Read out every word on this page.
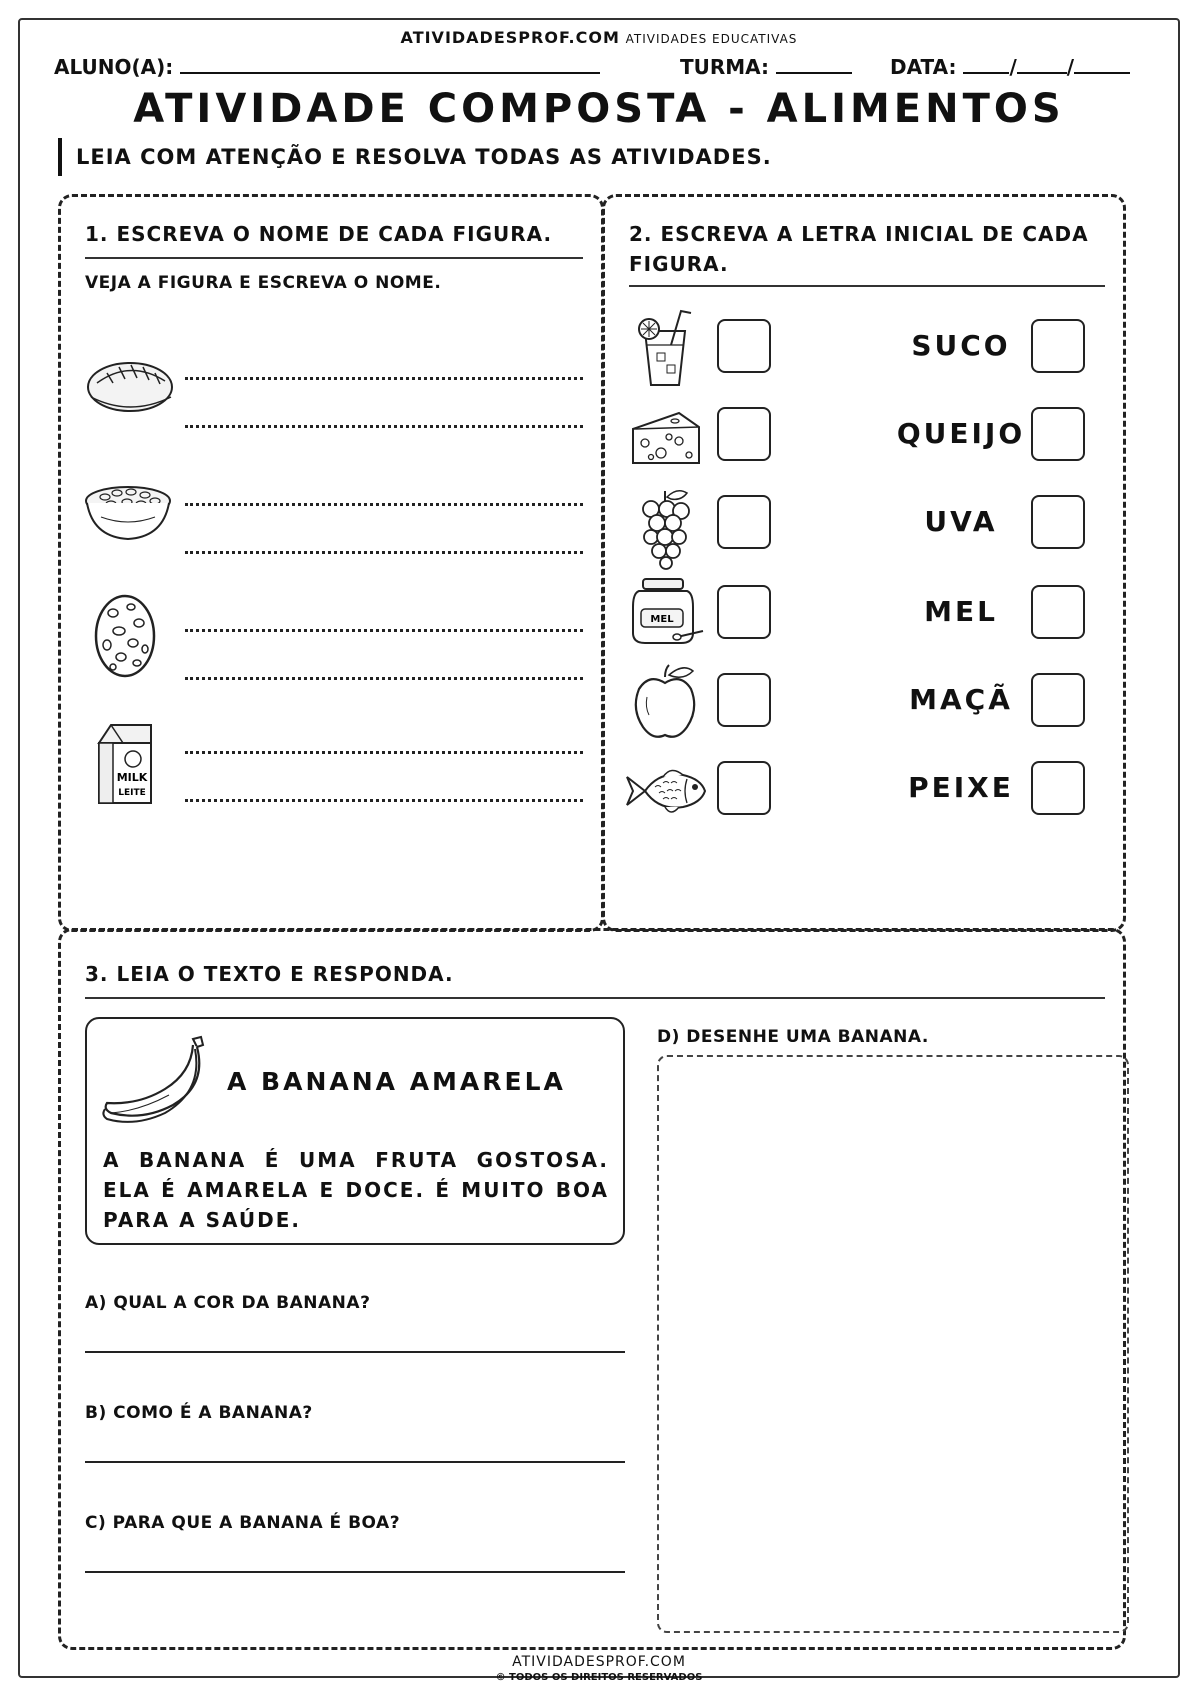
ATIVIDADESPROF.COM ATIVIDADES EDUCATIVAS
ALUNO(A):	TURMA:	DATA:	/	/
ATIVIDADE COMPOSTA - ALIMENTOS
LEIA COM ATENÇÃO E RESOLVA TODAS AS ATIVIDADES.
1. ESCREVA O NOME DE CADA FIGURA.
VEJA A FIGURA E ESCREVA O NOME.
MILK
LEITE
2. ESCREVA A LETRA INICIAL DE CADA
FIGURA.
SUCO
QUEIJO
UVA
MEL	MEL
MAÇÃ
PEIXE
3. LEIA O TEXTO E RESPONDA.
A BANANA AMARELA
A BANANA É UMA FRUTA GOSTOSA. ELA É AMARELA E DOCE. É MUITO BOA PARA A SAÚDE.
A) QUAL A COR DA BANANA?
B) COMO É A BANANA?
C) PARA QUE A BANANA É BOA?
D) DESENHE UMA BANANA.
ATIVIDADESPROF.COM
© TODOS OS DIREITOS RESERVADOS
